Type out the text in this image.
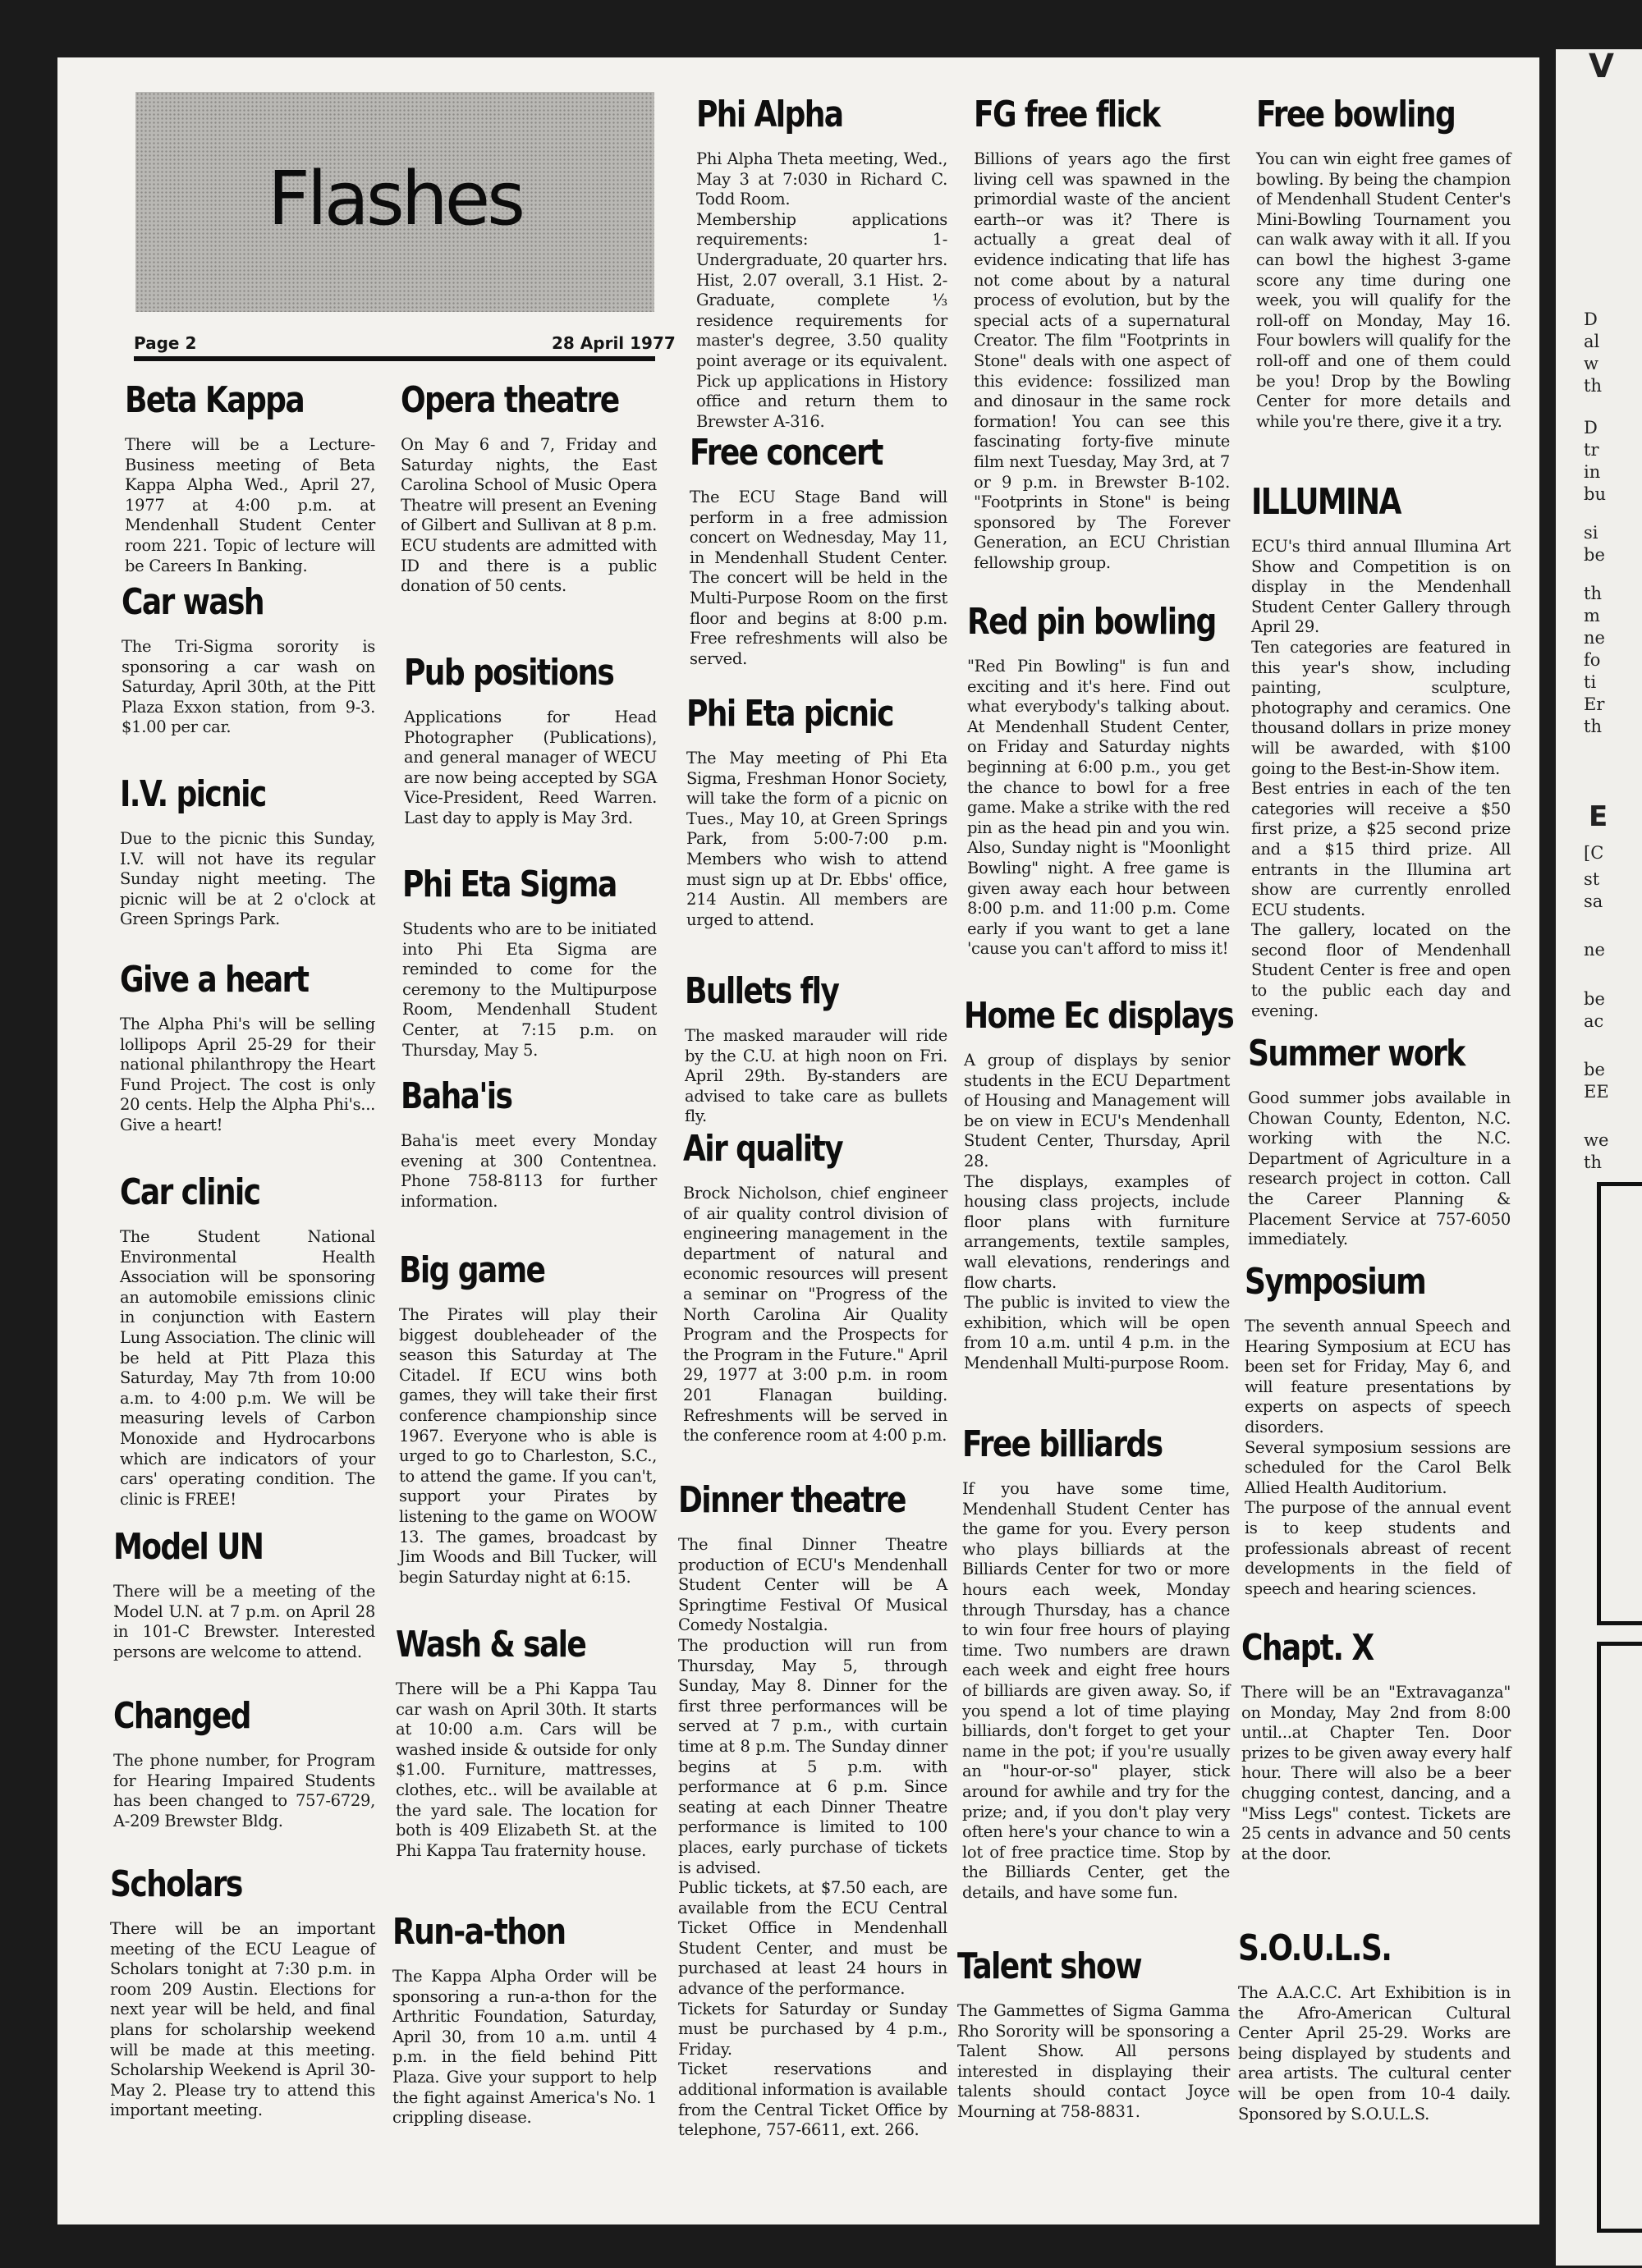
V
D
al
w
th
D
tr
in
bu
si
be
th
m
ne
fo
ti
Er
th
E
[C
st
sa
ne
be
ac
be
EE
we
th
Flashes
Page 2	28 April 1977
Beta Kappa

There will be a Lecture-Business meeting of Beta Kappa Alpha Wed., April 27, 1977 at 4:00 p.m. at Mendenhall Student Center room 221. Topic of lecture will be Careers In Banking.

Car wash

The Tri-Sigma sorority is sponsoring a car wash on Saturday, April 30th, at the Pitt Plaza Exxon station, from 9-3. $1.00 per car.

I.V. picnic

Due to the picnic this Sunday, I.V. will not have its regular Sunday night meeting. The picnic will be at 2 o'clock at Green Springs Park.

Give a heart

The Alpha Phi's will be selling lollipops April 25-29 for their national philanthropy the Heart Fund Project. The cost is only 20 cents. Help the Alpha Phi's... Give a heart!

Car clinic

The Student National Environmental Health Association will be sponsoring an automobile emissions clinic in conjunction with Eastern Lung Association. The clinic will be held at Pitt Plaza this Saturday, May 7th from 10:00 a.m. to 4:00 p.m. We will be measuring levels of Carbon Monoxide and Hydrocarbons which are indicators of your cars' operating condition. The clinic is FREE!

Model UN

There will be a meeting of the Model U.N. at 7 p.m. on April 28 in 101-C Brewster. Interested persons are welcome to attend.

Changed

The phone number, for Program for Hearing Impaired Students has been changed to 757-6729, A-209 Brewster Bldg.

Scholars

There will be an important meeting of the ECU League of Scholars tonight at 7:30 p.m. in room 209 Austin. Elections for next year will be held, and final plans for scholarship weekend will be made at this meeting. Scholarship Weekend is April 30-May 2. Please try to attend this important meeting.

Opera theatre

On May 6 and 7, Friday and Saturday nights, the East Carolina School of Music Opera Theatre will present an Evening of Gilbert and Sullivan at 8 p.m. ECU students are admitted with ID and there is a public donation of 50 cents.

Pub positions

Applications for Head Photographer (Publications), and general manager of WECU are now being accepted by SGA Vice-President, Reed Warren. Last day to apply is May 3rd.

Phi Eta Sigma

Students who are to be initiated into Phi Eta Sigma are reminded to come for the ceremony to the Multipurpose Room, Mendenhall Student Center, at 7:15 p.m. on Thursday, May 5.

Baha'is

Baha'is meet every Monday evening at 300 Contentnea. Phone 758-8113 for further information.

Big game

The Pirates will play their biggest doubleheader of the season this Saturday at The Citadel. If ECU wins both games, they will take their first conference championship since 1967. Everyone who is able is urged to go to Charleston, S.C., to attend the game. If you can't, support your Pirates by listening to the game on WOOW 13. The games, broadcast by Jim Woods and Bill Tucker, will begin Saturday night at 6:15.

Wash & sale

There will be a Phi Kappa Tau car wash on April 30th. It starts at 10:00 a.m. Cars will be washed inside & outside for only $1.00. Furniture, mattresses, clothes, etc.. will be available at the yard sale. The location for both is 409 Elizabeth St. at the Phi Kappa Tau fraternity house.

Run-a-thon

The Kappa Alpha Order will be sponsoring a run-a-thon for the Arthritic Foundation, Saturday, April 30, from 10 a.m. until 4 p.m. in the field behind Pitt Plaza. Give your support to help the fight against America's No. 1 crippling disease.

Phi Alpha

Phi Alpha Theta meeting, Wed., May 3 at 7:030 in Richard C. Todd Room.

Membership applications requirements: 1- Undergraduate, 20 quarter hrs. Hist, 2.07 overall, 3.1 Hist. 2-Graduate, complete ⅓ residence requirements for master's degree, 3.50 quality point average or its equivalent. Pick up applications in History office and return them to Brewster A-316.

Free concert

The ECU Stage Band will perform in a free admission concert on Wednesday, May 11, in Mendenhall Student Center. The concert will be held in the Multi-Purpose Room on the first floor and begins at 8:00 p.m. Free refreshments will also be served.

Phi Eta picnic

The May meeting of Phi Eta Sigma, Freshman Honor Society, will take the form of a picnic on Tues., May 10, at Green Springs Park, from 5:00-7:00 p.m. Members who wish to attend must sign up at Dr. Ebbs' office, 214 Austin. All members are urged to attend.

Bullets fly

The masked marauder will ride by the C.U. at high noon on Fri. April 29th. By-standers are advised to take care as bullets fly.

Air quality

Brock Nicholson, chief engineer of air quality control division of engineering management in the department of natural and economic resources will present a seminar on "Progress of the North Carolina Air Quality Program and the Prospects for the Program in the Future." April 29, 1977 at 3:00 p.m. in room 201 Flanagan building. Refreshments will be served in the conference room at 4:00 p.m.

Dinner theatre

The final Dinner Theatre production of ECU's Mendenhall Student Center will be A Springtime Festival Of Musical Comedy Nostalgia.

The production will run from Thursday, May 5, through Sunday, May 8. Dinner for the first three performances will be served at 7 p.m., with curtain time at 8 p.m. The Sunday dinner begins at 5 p.m. with performance at 6 p.m. Since seating at each Dinner Theatre performance is limited to 100 places, early purchase of tickets is advised.

Public tickets, at $7.50 each, are available from the ECU Central Ticket Office in Mendenhall Student Center, and must be purchased at least 24 hours in advance of the performance.

Tickets for Saturday or Sunday must be purchased by 4 p.m., Friday.

Ticket reservations and additional information is available from the Central Ticket Office by telephone, 757-6611, ext. 266.

FG free flick

Billions of years ago the first living cell was spawned in the primordial waste of the ancient earth--or was it? There is actually a great deal of evidence indicating that life has not come about by a natural process of evolution, but by the special acts of a supernatural Creator. The film "Footprints in Stone" deals with one aspect of this evidence: fossilized man and dinosaur in the same rock formation! You can see this fascinating forty-five minute film next Tuesday, May 3rd, at 7 or 9 p.m. in Brewster B-102. "Footprints in Stone" is being sponsored by The Forever Generation, an ECU Christian fellowship group.

Red pin bowling

"Red Pin Bowling" is fun and exciting and it's here. Find out what everybody's talking about. At Mendenhall Student Center, on Friday and Saturday nights beginning at 6:00 p.m., you get the chance to bowl for a free game. Make a strike with the red pin as the head pin and you win. Also, Sunday night is "Moonlight Bowling" night. A free game is given away each hour between 8:00 p.m. and 11:00 p.m. Come early if you want to get a lane 'cause you can't afford to miss it!

Home Ec displays

A group of displays by senior students in the ECU Department of Housing and Management will be on view in ECU's Mendenhall Student Center, Thursday, April 28.

The displays, examples of housing class projects, include floor plans with furniture arrangements, textile samples, wall elevations, renderings and flow charts.

The public is invited to view the exhibition, which will be open from 10 a.m. until 4 p.m. in the Mendenhall Multi-purpose Room.

Free billiards

If you have some time, Mendenhall Student Center has the game for you. Every person who plays billiards at the Billiards Center for two or more hours each week, Monday through Thursday, has a chance to win four free hours of playing time. Two numbers are drawn each week and eight free hours of billiards are given away. So, if you spend a lot of time playing billiards, don't forget to get your name in the pot; if you're usually an "hour-or-so" player, stick around for awhile and try for the prize; and, if you don't play very often here's your chance to win a lot of free practice time. Stop by the Billiards Center, get the details, and have some fun.

Talent show

The Gammettes of Sigma Gamma Rho Sorority will be sponsoring a Talent Show. All persons interested in displaying their talents should contact Joyce Mourning at 758-8831.

Free bowling

You can win eight free games of bowling. By being the champion of Mendenhall Student Center's Mini-Bowling Tournament you can walk away with it all. If you can bowl the highest 3-game score any time during one week, you will qualify for the roll-off on Monday, May 16. Four bowlers will qualify for the roll-off and one of them could be you! Drop by the Bowling Center for more details and while you're there, give it a try.

ILLUMINA

ECU's third annual Illumina Art Show and Competition is on display in the Mendenhall Student Center Gallery through April 29.

Ten categories are featured in this year's show, including painting, sculpture, photography and ceramics. One thousand dollars in prize money will be awarded, with $100 going to the Best-in-Show item.

Best entries in each of the ten categories will receive a $50 first prize, a $25 second prize and a $15 third prize. All entrants in the Illumina art show are currently enrolled ECU students.

The gallery, located on the second floor of Mendenhall Student Center is free and open to the public each day and evening.

Summer work

Good summer jobs available in Chowan County, Edenton, N.C. working with the N.C. Department of Agriculture in a research project in cotton. Call the Career Planning & Placement Service at 757-6050 immediately.

Symposium

The seventh annual Speech and Hearing Symposium at ECU has been set for Friday, May 6, and will feature presentations by experts on aspects of speech disorders.

Several symposium sessions are scheduled for the Carol Belk Allied Health Auditorium.

The purpose of the annual event is to keep students and professionals abreast of recent developments in the field of speech and hearing sciences.

Chapt. X

There will be an "Extravaganza" on Monday, May 2nd from 8:00 until...at Chapter Ten. Door prizes to be given away every half hour. There will also be a beer chugging contest, dancing, and a "Miss Legs" contest. Tickets are 25 cents in advance and 50 cents at the door.

S.O.U.L.S.

The A.A.C.C. Art Exhibition is in the Afro-American Cultural Center April 25-29. Works are being displayed by students and area artists. The cultural center will be open from 10-4 daily. Sponsored by S.O.U.L.S.
